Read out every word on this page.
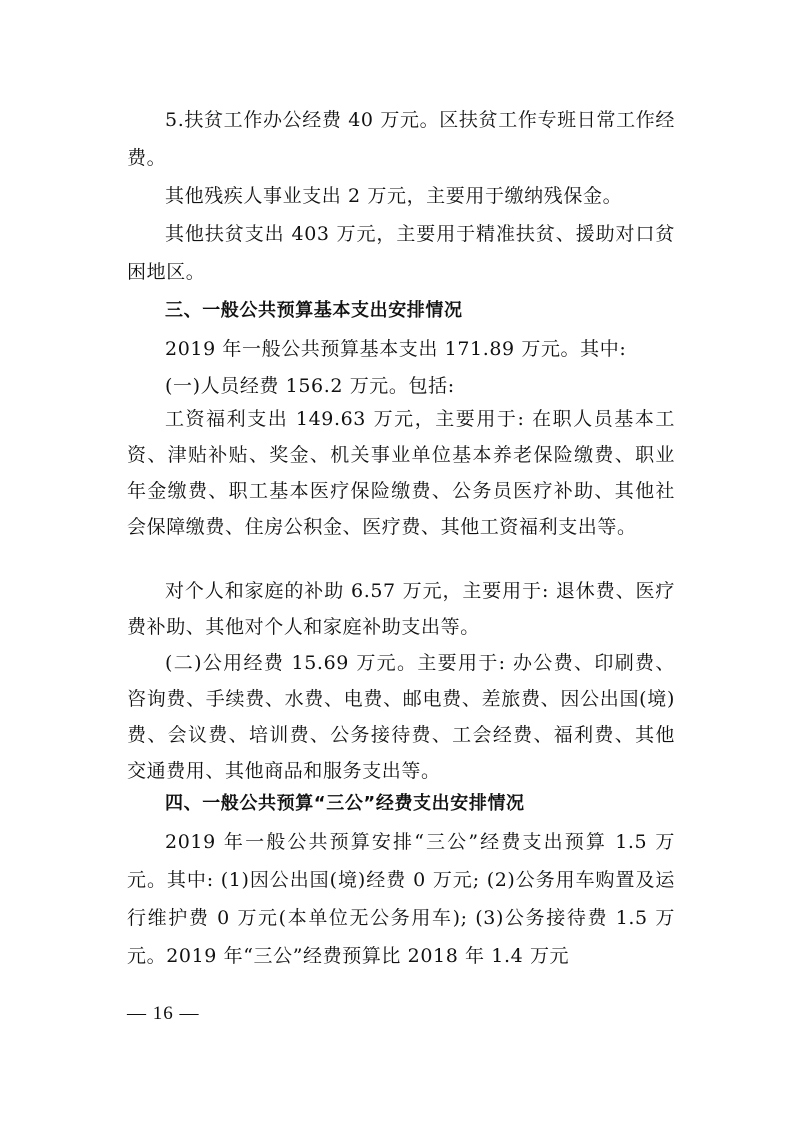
5.扶贫工作办公经费 40 万元。区扶贫工作专班日常工作经费。

其他残疾人事业支出 2 万元，主要用于缴纳残保金。

其他扶贫支出 403 万元，主要用于精准扶贫、援助对口贫困地区。

三、一般公共预算基本支出安排情况

2019 年一般公共预算基本支出 171.89 万元。其中:

(一)人员经费 156.2 万元。包括:

工资福利支出 149.63 万元，主要用于: 在职人员基本工资、津贴补贴、奖金、机关事业单位基本养老保险缴费、职业年金缴费、职工基本医疗保险缴费、公务员医疗补助、其他社会保障缴费、住房公积金、医疗费、其他工资福利支出等。

对个人和家庭的补助 6.57 万元，主要用于: 退休费、医疗费补助、其他对个人和家庭补助支出等。

(二)公用经费 15.69 万元。主要用于: 办公费、印刷费、咨询费、手续费、水费、电费、邮电费、差旅费、因公出国(境)费、会议费、培训费、公务接待费、工会经费、福利费、其他交通费用、其他商品和服务支出等。

四、一般公共预算“三公”经费支出安排情况

2019 年一般公共预算安排“三公”经费支出预算 1.5 万元。其中: (1)因公出国(境)经费 0 万元; (2)公务用车购置及运行维护费 0 万元(本单位无公务用车); (3)公务接待费 1.5 万元。2019 年“三公”经费预算比 2018 年 1.4 万元

— 16 —
